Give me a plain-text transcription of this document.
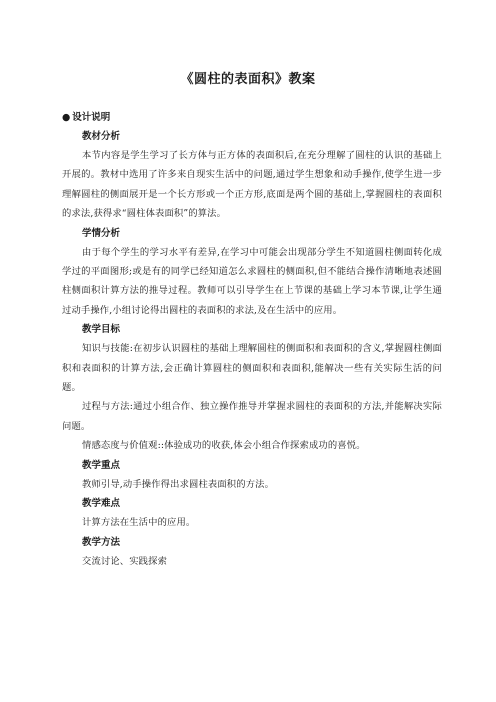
《圆柱的表面积》教案
● 设计说明
教材分析

本节内容是学生学习了长方体与正方体的表面积后,在充分理解了圆柱的认识的基础上开展的。教材中选用了许多来自现实生活中的问题,通过学生想象和动手操作,使学生进一步理解圆柱的侧面展开是一个长方形或一个正方形,底面是两个圆的基础上,掌握圆柱的表面积的求法,获得求“圆柱体表面积”的算法。

学情分析

由于每个学生的学习水平有差异,在学习中可能会出现部分学生不知道圆柱侧面转化成学过的平面图形;或是有的同学已经知道怎么求圆柱的侧面积,但不能结合操作清晰地表述圆柱侧面积计算方法的推导过程。教师可以引导学生在上节课的基础上学习本节课,让学生通过动手操作,小组讨论得出圆柱的表面积的求法,及在生活中的应用。

教学目标

知识与技能:在初步认识圆柱的基础上理解圆柱的侧面积和表面积的含义,掌握圆柱侧面积和表面积的计算方法,会正确计算圆柱的侧面积和表面积,能解决一些有关实际生活的问题。

过程与方法:通过小组合作、独立操作推导并掌握求圆柱的表面积的方法,并能解决实际问题。

情感态度与价值观::体验成功的收获,体会小组合作探索成功的喜悦。

教学重点

教师引导,动手操作得出求圆柱表面积的方法。

教学难点

计算方法在生活中的应用。

教学方法

交流讨论、实践探索
